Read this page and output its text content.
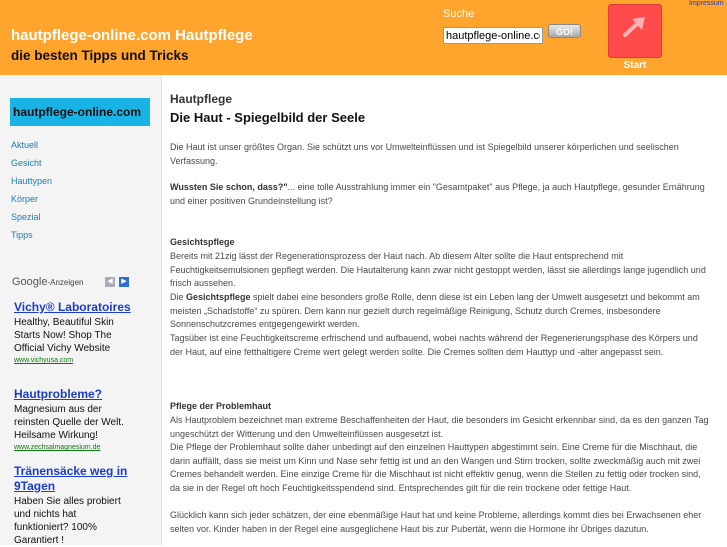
hautpflege-online.com Hautpflege
die besten Tipps und Tricks
Suche
hautpflege-online.com
GO!
Start
Impressum
hautpflege-online.com
Aktuell
Gesicht
Hauttypen
Körper
Spezial
Tipps
Google-Anzeigen	◀	▶
Vichy® Laboratoires
Healthy, Beautiful Skin Starts Now! Shop The Official Vichy Website
www.vichyusa.com
Hautprobleme?
Magnesium aus der reinsten Quelle der Welt. Heilsame Wirkung!
www.zechsalmagnesium.de
Tränensäcke weg in 9Tagen
Haben Sie alles probiert und nichts hat funktioniert? 100% Garantiert !
Hautpflege
Die Haut - Spiegelbild der Seele

Die Haut ist unser größtes Organ. Sie schützt uns vor Umwelteinflüssen und ist Spiegelbild unserer körperlichen und seelischen Verfassung.

Wussten Sie schon, dass?"... eine tolle Ausstrahlung immer ein "Gesamtpaket" aus Pflege, ja auch Hautpflege, gesunder Ernährung und einer positiven Grundeinstellung ist?

Gesichtspflege

Bereits mit 21zig lässt der Regenerationsprozess der Haut nach. Ab diesem Alter sollte die Haut entsprechend mit Feuchtigkeitsemulsionen gepflegt werden. Die Hautalterung kann zwar nicht gestoppt werden, lässt sie allerdings lange jugendlich und frisch aussehen.

Die Gesichtspflege spielt dabei eine besonders große Rolle, denn diese ist ein Leben lang der Umwelt ausgesetzt und bekommt am meisten „Schadstoffe“ zu spüren. Dem kann nur gezielt durch regelmäßige Reinigung, Schutz durch Cremes, insbesondere Sonnenschutzcremes entgegengewirkt werden.

Tagsüber ist eine Feuchtigkeitscreme erfrischend und aufbauend, wobei nachts während der Regenerierungsphase des Körpers und der Haut, auf eine fetthaltigere Creme wert gelegt werden sollte. Die Cremes sollten dem Hauttyp und -alter angepasst sein.

Pflege der Problemhaut

Als Hautproblem bezeichnet man extreme Beschaffenheiten der Haut, die besonders im Gesicht erkennbar sind, da es den ganzen Tag ungeschützt der Witterung und den Umwelteinflüssen ausgesetzt ist.

Die Pflege der Problemhaut sollte daher unbedingt auf den einzelnen Hauttypen abgestimmt sein. Eine Creme für die Mischhaut, die darin auffällt, dass sie meist um Kinn und Nase sehr fettig ist und an den Wangen und Stirn trocken, sollte zweckmäßig auch mit zwei Cremes behandelt werden. Eine einzige Creme für die Mischhaut ist nicht effektiv genug, wenn die Stellen zu fettig oder trocken sind, da sie in der Regel oft hoch Feuchtigkeitsspendend sind. Entsprechendes gilt für die rein trockene oder fettige Haut.

Glücklich kann sich jeder schätzen, der eine ebenmäßige Haut hat und keine Probleme, allerdings kommt dies bei Erwachsenen eher selten vor. Kinder haben in der Regel eine ausgeglichene Haut bis zur Pubertät, wenn die Hormone ihr Übriges dazutun.
